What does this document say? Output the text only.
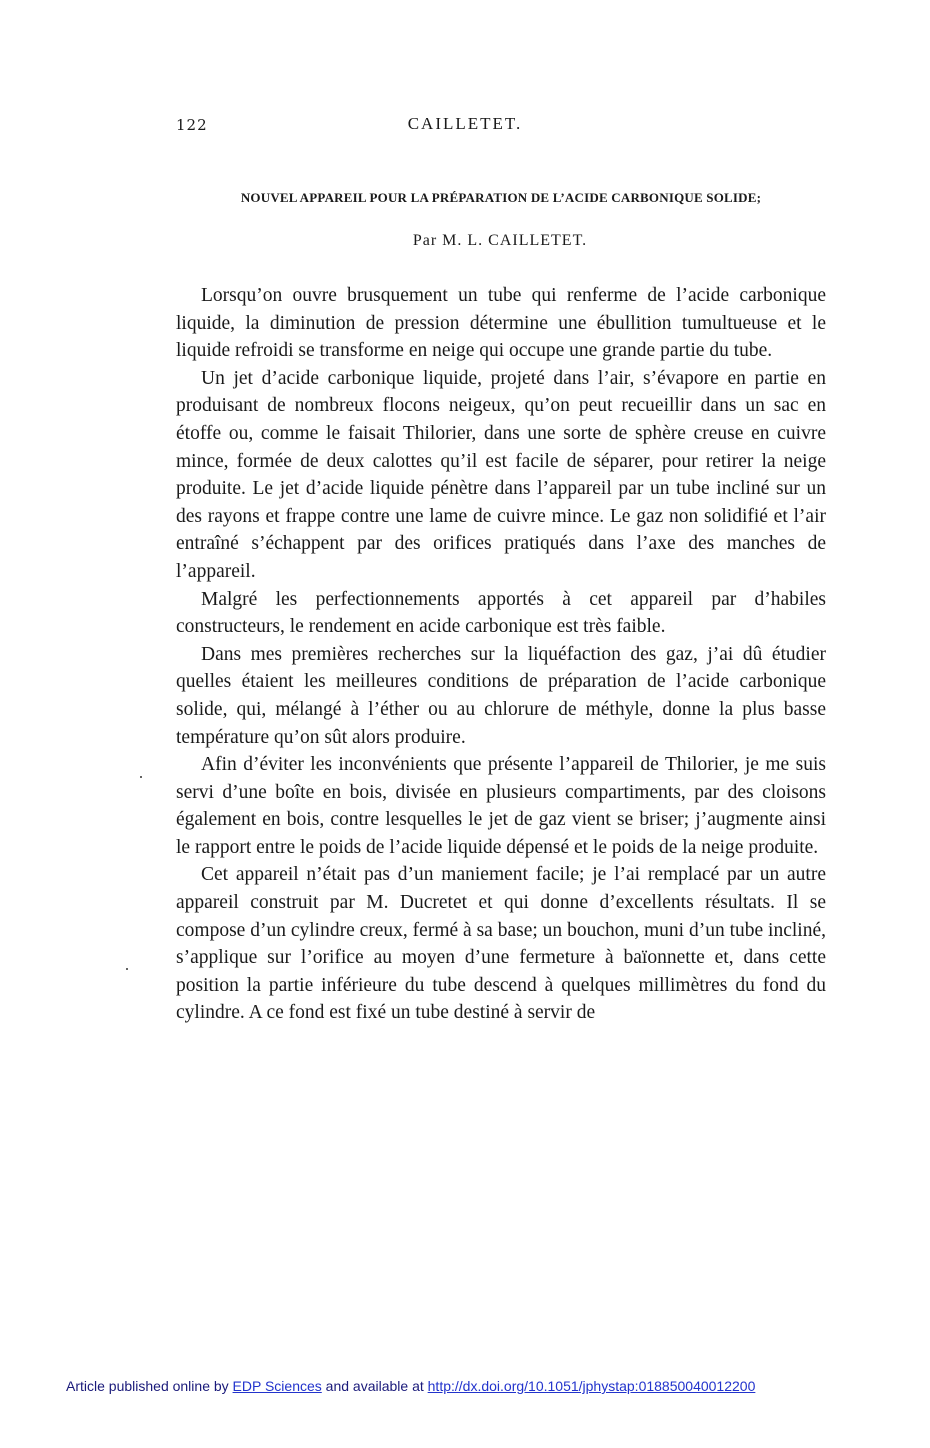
122	CAILLETET.
NOUVEL APPAREIL POUR LA PRÉPARATION DE L’ACIDE CARBONIQUE SOLIDE;
Par M. L. CAILLETET.

Lorsqu’on ouvre brusquement un tube qui renferme de l’acide carbonique liquide, la diminution de pression détermine une ébullition tumultueuse et le liquide refroidi se transforme en neige qui occupe une grande partie du tube.

Un jet d’acide carbonique liquide, projeté dans l’air, s’évapore en partie en produisant de nombreux flocons neigeux, qu’on peut recueillir dans un sac en étoffe ou, comme le faisait Thilorier, dans une sorte de sphère creuse en cuivre mince, formée de deux calottes qu’il est facile de séparer, pour retirer la neige produite. Le jet d’acide liquide pénètre dans l’appareil par un tube incliné sur un des rayons et frappe contre une lame de cuivre mince. Le gaz non solidifié et l’air entraîné s’échappent par des orifices pratiqués dans l’axe des manches de l’appareil.

Malgré les perfectionnements apportés à cet appareil par d’habiles constructeurs, le rendement en acide carbonique est très faible.

Dans mes premières recherches sur la liquéfaction des gaz, j’ai dû étudier quelles étaient les meilleures conditions de préparation de l’acide carbonique solide, qui, mélangé à l’éther ou au chlorure de méthyle, donne la plus basse température qu’on sût alors produire.

Afin d’éviter les inconvénients que présente l’appareil de Thilorier, je me suis servi d’une boîte en bois, divisée en plusieurs compartiments, par des cloisons également en bois, contre lesquelles le jet de gaz vient se briser; j’augmente ainsi le rapport entre le poids de l’acide liquide dépensé et le poids de la neige produite.

Cet appareil n’était pas d’un maniement facile; je l’ai remplacé par un autre appareil construit par M. Ducretet et qui donne d’excellents résultats. Il se compose d’un cylindre creux, fermé à sa base; un bouchon, muni d’un tube incliné, s’applique sur l’orifice au moyen d’une fermeture à baïonnette et, dans cette position la partie inférieure du tube descend à quelques millimètres du fond du cylindre. A ce fond est fixé un tube destiné à servir de

Article published online by EDP Sciences and available at http://dx.doi.org/10.1051/jphystap:018850040012200
